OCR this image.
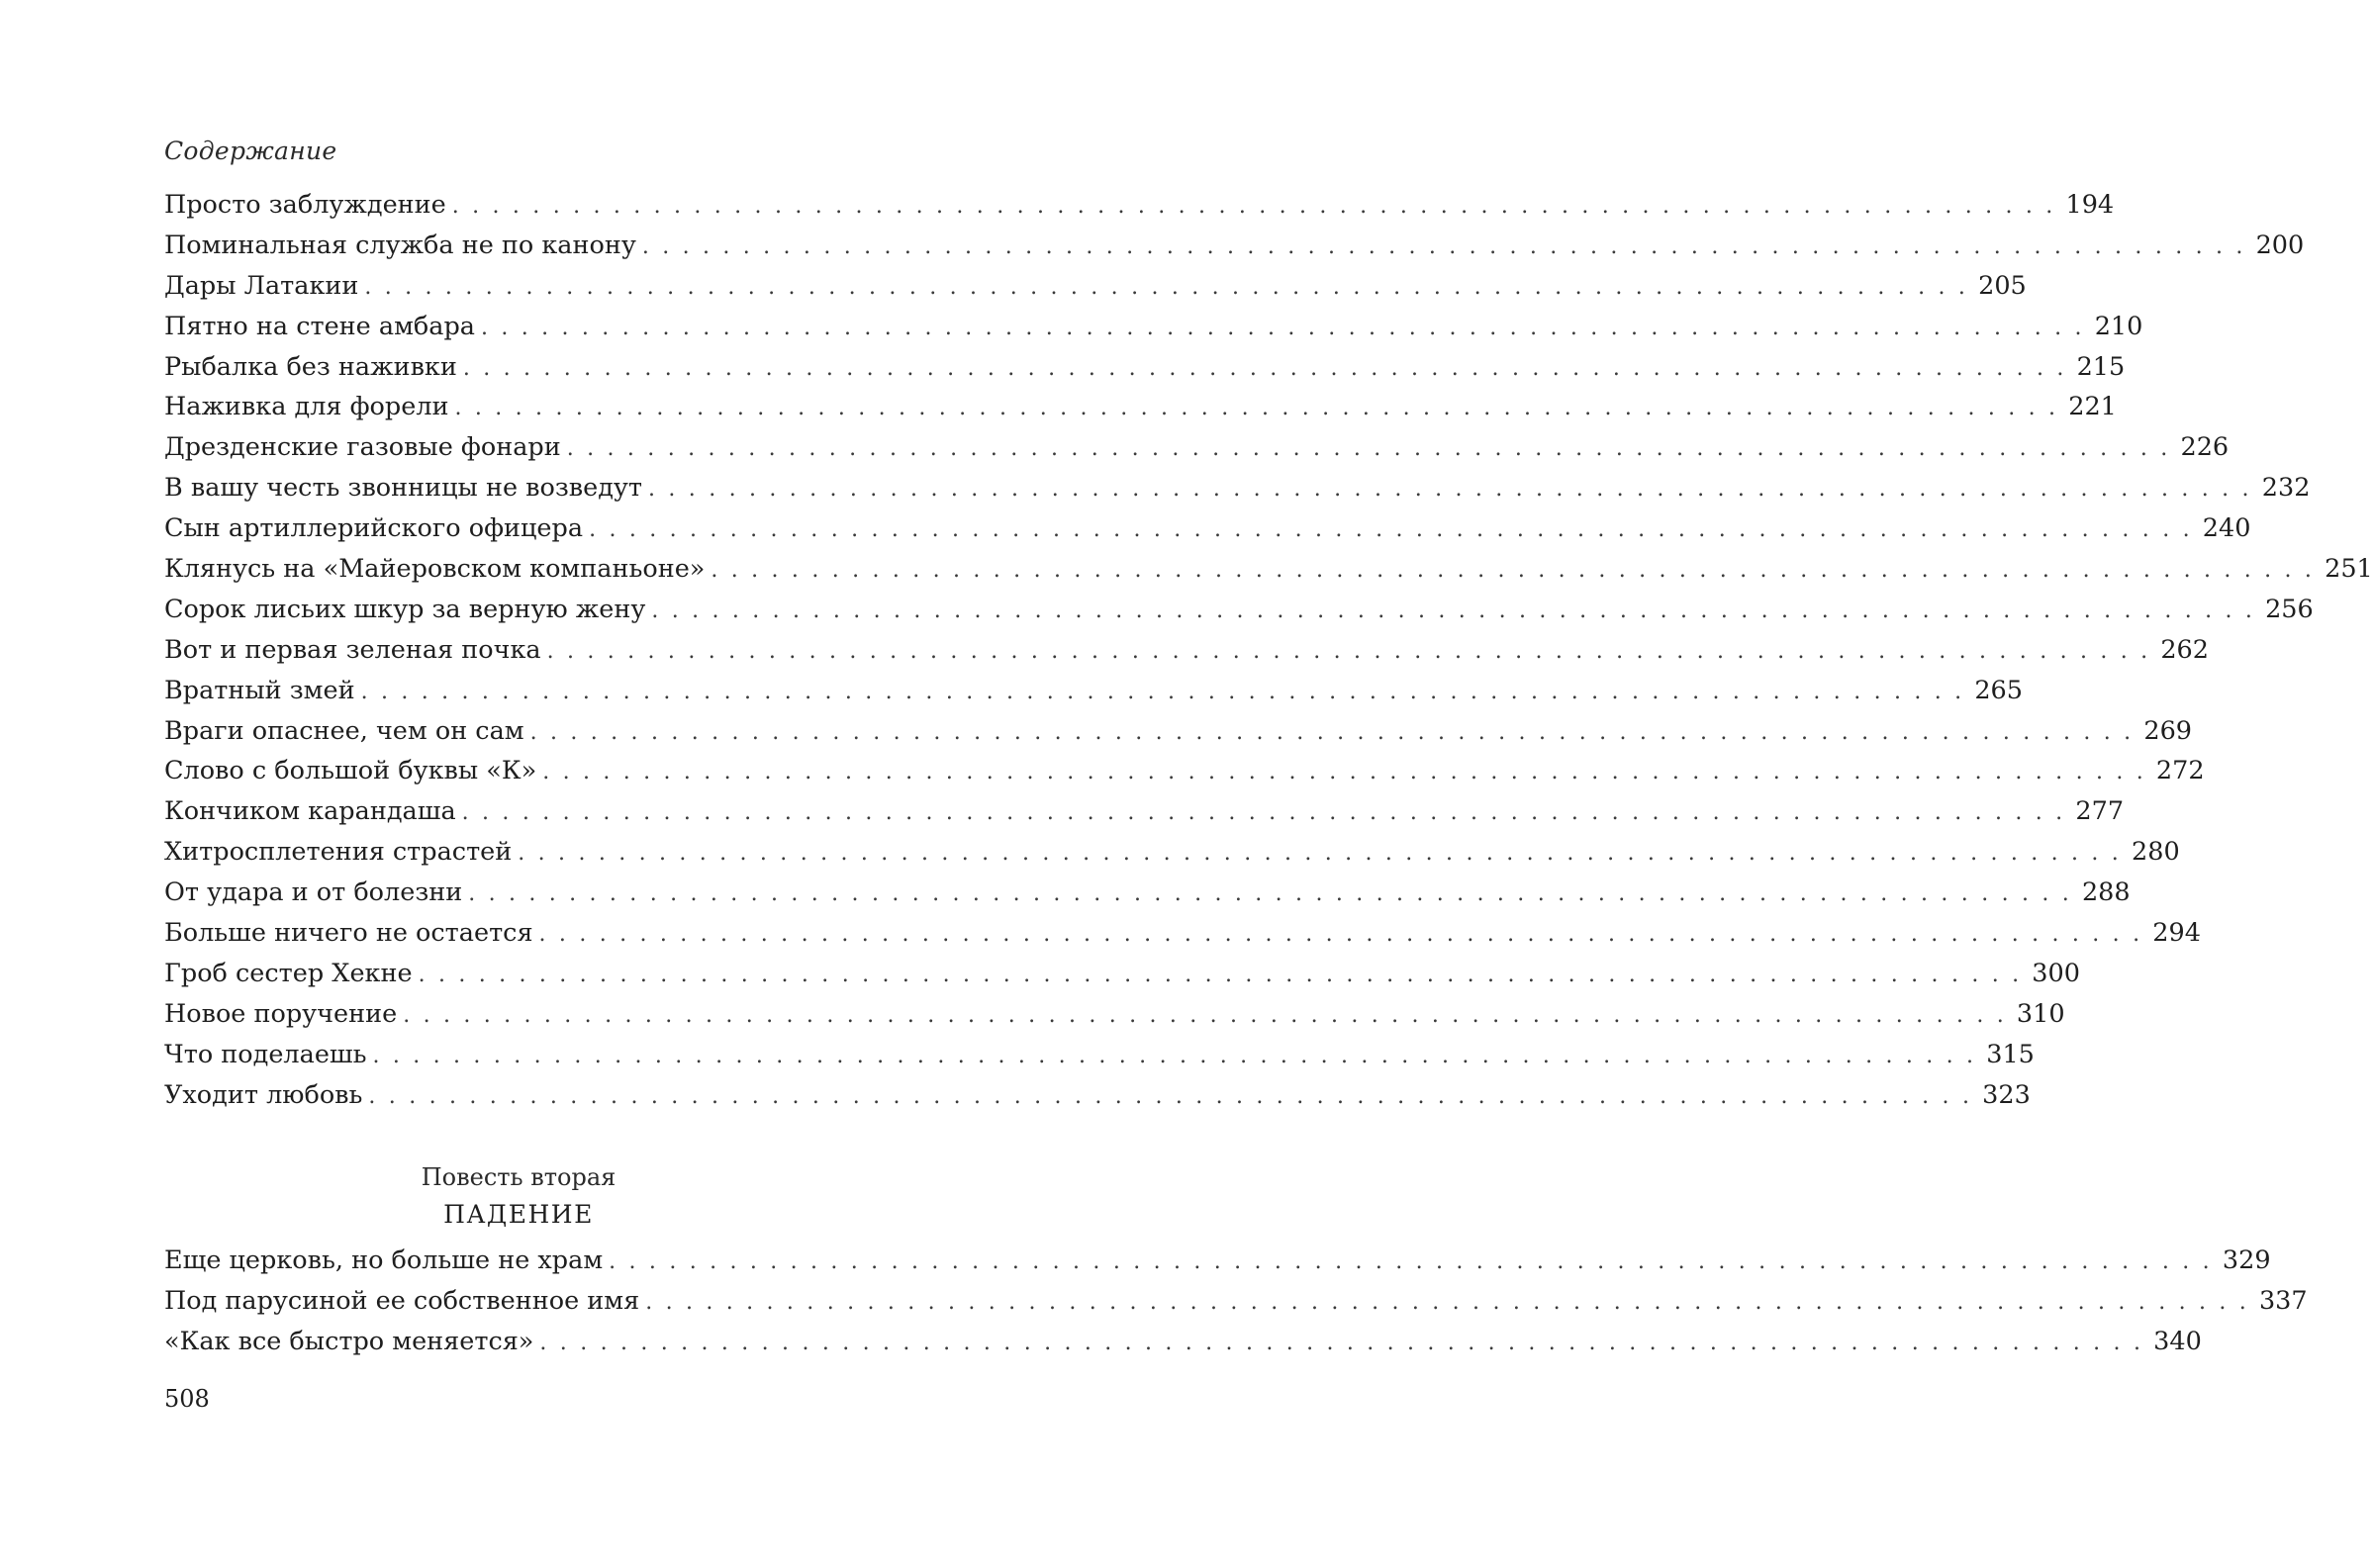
Содержание
Просто заблуждение . . . . . . . . . . . . . . . . . . . . . . . . . . . . . . . . . . . . . . . . . . . . . . . . . . . . . . . . . . . . . . . . . . . . . . . . . . . . . . . . 194
Поминальная служба не по канону . . . . . . . . . . . . . . . . . . . . . . . . . . . . . . . . . . . . . . . . . . . . . . . . . . . . . . . . . . . . . . . . . . . . . . . . . . . . . . . . 200
Дары Латакии . . . . . . . . . . . . . . . . . . . . . . . . . . . . . . . . . . . . . . . . . . . . . . . . . . . . . . . . . . . . . . . . . . . . . . . . . . . . . . . . 205
Пятно на стене амбара . . . . . . . . . . . . . . . . . . . . . . . . . . . . . . . . . . . . . . . . . . . . . . . . . . . . . . . . . . . . . . . . . . . . . . . . . . . . . . . . 210
Рыбалка без наживки . . . . . . . . . . . . . . . . . . . . . . . . . . . . . . . . . . . . . . . . . . . . . . . . . . . . . . . . . . . . . . . . . . . . . . . . . . . . . . . . 215
Наживка для форели . . . . . . . . . . . . . . . . . . . . . . . . . . . . . . . . . . . . . . . . . . . . . . . . . . . . . . . . . . . . . . . . . . . . . . . . . . . . . . . . 221
Дрезденские газовые фонари . . . . . . . . . . . . . . . . . . . . . . . . . . . . . . . . . . . . . . . . . . . . . . . . . . . . . . . . . . . . . . . . . . . . . . . . . . . . . . . . 226
В вашу честь звонницы не возведут . . . . . . . . . . . . . . . . . . . . . . . . . . . . . . . . . . . . . . . . . . . . . . . . . . . . . . . . . . . . . . . . . . . . . . . . . . . . . . . . 232
Сын артиллерийского офицера . . . . . . . . . . . . . . . . . . . . . . . . . . . . . . . . . . . . . . . . . . . . . . . . . . . . . . . . . . . . . . . . . . . . . . . . . . . . . . . . 240
Клянусь на «Майеровском компаньоне» . . . . . . . . . . . . . . . . . . . . . . . . . . . . . . . . . . . . . . . . . . . . . . . . . . . . . . . . . . . . . . . . . . . . . . . . . . . . . . . . 251
Сорок лисьих шкур за верную жену . . . . . . . . . . . . . . . . . . . . . . . . . . . . . . . . . . . . . . . . . . . . . . . . . . . . . . . . . . . . . . . . . . . . . . . . . . . . . . . . 256
Вот и первая зеленая почка . . . . . . . . . . . . . . . . . . . . . . . . . . . . . . . . . . . . . . . . . . . . . . . . . . . . . . . . . . . . . . . . . . . . . . . . . . . . . . . . 262
Вратный змей . . . . . . . . . . . . . . . . . . . . . . . . . . . . . . . . . . . . . . . . . . . . . . . . . . . . . . . . . . . . . . . . . . . . . . . . . . . . . . . . 265
Враги опаснее, чем он сам . . . . . . . . . . . . . . . . . . . . . . . . . . . . . . . . . . . . . . . . . . . . . . . . . . . . . . . . . . . . . . . . . . . . . . . . . . . . . . . . 269
Слово с большой буквы «К» . . . . . . . . . . . . . . . . . . . . . . . . . . . . . . . . . . . . . . . . . . . . . . . . . . . . . . . . . . . . . . . . . . . . . . . . . . . . . . . . 272
Кончиком карандаша . . . . . . . . . . . . . . . . . . . . . . . . . . . . . . . . . . . . . . . . . . . . . . . . . . . . . . . . . . . . . . . . . . . . . . . . . . . . . . . . 277
Хитросплетения страстей . . . . . . . . . . . . . . . . . . . . . . . . . . . . . . . . . . . . . . . . . . . . . . . . . . . . . . . . . . . . . . . . . . . . . . . . . . . . . . . . 280
От удара и от болезни . . . . . . . . . . . . . . . . . . . . . . . . . . . . . . . . . . . . . . . . . . . . . . . . . . . . . . . . . . . . . . . . . . . . . . . . . . . . . . . . 288
Больше ничего не остается . . . . . . . . . . . . . . . . . . . . . . . . . . . . . . . . . . . . . . . . . . . . . . . . . . . . . . . . . . . . . . . . . . . . . . . . . . . . . . . . 294
Гроб сестер Хекне . . . . . . . . . . . . . . . . . . . . . . . . . . . . . . . . . . . . . . . . . . . . . . . . . . . . . . . . . . . . . . . . . . . . . . . . . . . . . . . . 300
Новое поручение . . . . . . . . . . . . . . . . . . . . . . . . . . . . . . . . . . . . . . . . . . . . . . . . . . . . . . . . . . . . . . . . . . . . . . . . . . . . . . . . 310
Что поделаешь . . . . . . . . . . . . . . . . . . . . . . . . . . . . . . . . . . . . . . . . . . . . . . . . . . . . . . . . . . . . . . . . . . . . . . . . . . . . . . . . 315
Уходит любовь . . . . . . . . . . . . . . . . . . . . . . . . . . . . . . . . . . . . . . . . . . . . . . . . . . . . . . . . . . . . . . . . . . . . . . . . . . . . . . . . 323
Повесть вторая
ПАДЕНИЕ
Еще церковь, но больше не храм . . . . . . . . . . . . . . . . . . . . . . . . . . . . . . . . . . . . . . . . . . . . . . . . . . . . . . . . . . . . . . . . . . . . . . . . . . . . . . . . 329
Под парусиной ее собственное имя . . . . . . . . . . . . . . . . . . . . . . . . . . . . . . . . . . . . . . . . . . . . . . . . . . . . . . . . . . . . . . . . . . . . . . . . . . . . . . . . 337
«Как все быстро меняется» . . . . . . . . . . . . . . . . . . . . . . . . . . . . . . . . . . . . . . . . . . . . . . . . . . . . . . . . . . . . . . . . . . . . . . . . . . . . . . . . 340
508
